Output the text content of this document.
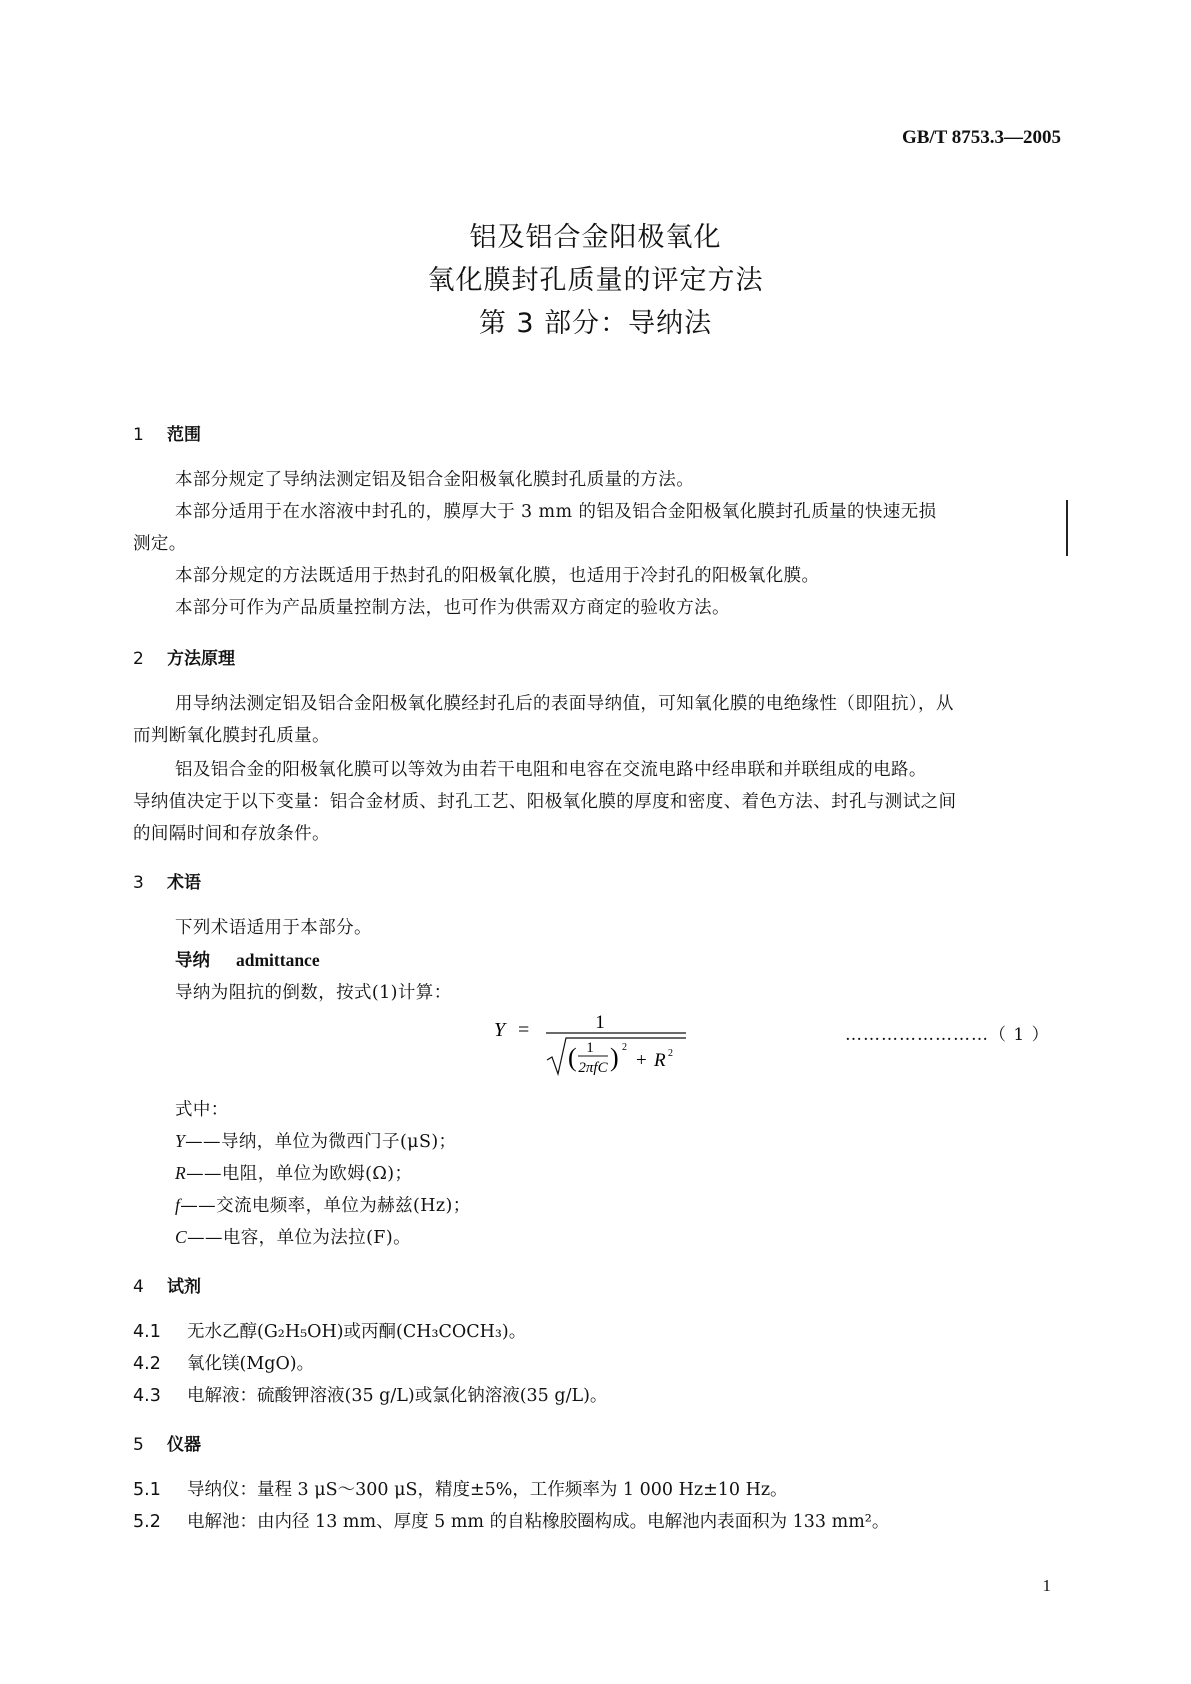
GB/T 8753.3—2005
铝及铝合金阳极氧化
氧化膜封孔质量的评定方法
第 3 部分：导纳法
1 范围
本部分规定了导纳法测定铝及铝合金阳极氧化膜封孔质量的方法。
本部分适用于在水溶液中封孔的，膜厚大于 3 mm 的铝及铝合金阳极氧化膜封孔质量的快速无损
测定。
本部分规定的方法既适用于热封孔的阳极氧化膜，也适用于冷封孔的阳极氧化膜。
本部分可作为产品质量控制方法，也可作为供需双方商定的验收方法。
2 方法原理
用导纳法测定铝及铝合金阳极氧化膜经封孔后的表面导纳值，可知氧化膜的电绝缘性（即阻抗），从
而判断氧化膜封孔质量。
铝及铝合金的阳极氧化膜可以等效为由若干电阻和电容在交流电路中经串联和并联组成的电路。
导纳值决定于以下变量：铝合金材质、封孔工艺、阳极氧化膜的厚度和密度、着色方法、封孔与测试之间
的间隔时间和存放条件。
3 术语
下列术语适用于本部分。
导纳 admittance
导纳为阻抗的倒数，按式(1)计算：
Y =	1
( 1
2πfC ) 2
+ R 2
……………………（ 1 ）
式中：
Y——导纳，单位为微西门子(μS)；
R——电阻，单位为欧姆(Ω)；
f——交流电频率，单位为赫兹(Hz)；
C——电容，单位为法拉(F)。
4 试剂
4.1 无水乙醇(G₂H₅OH)或丙酮(CH₃COCH₃)。
4.2 氧化镁(MgO)。
4.3 电解液：硫酸钾溶液(35 g/L)或氯化钠溶液(35 g/L)。
5 仪器
5.1 导纳仪：量程 3 μS～300 μS，精度±5%，工作频率为 1 000 Hz±10 Hz。
5.2 电解池：由内径 13 mm、厚度 5 mm 的自粘橡胶圈构成。电解池内表面积为 133 mm²。
1
